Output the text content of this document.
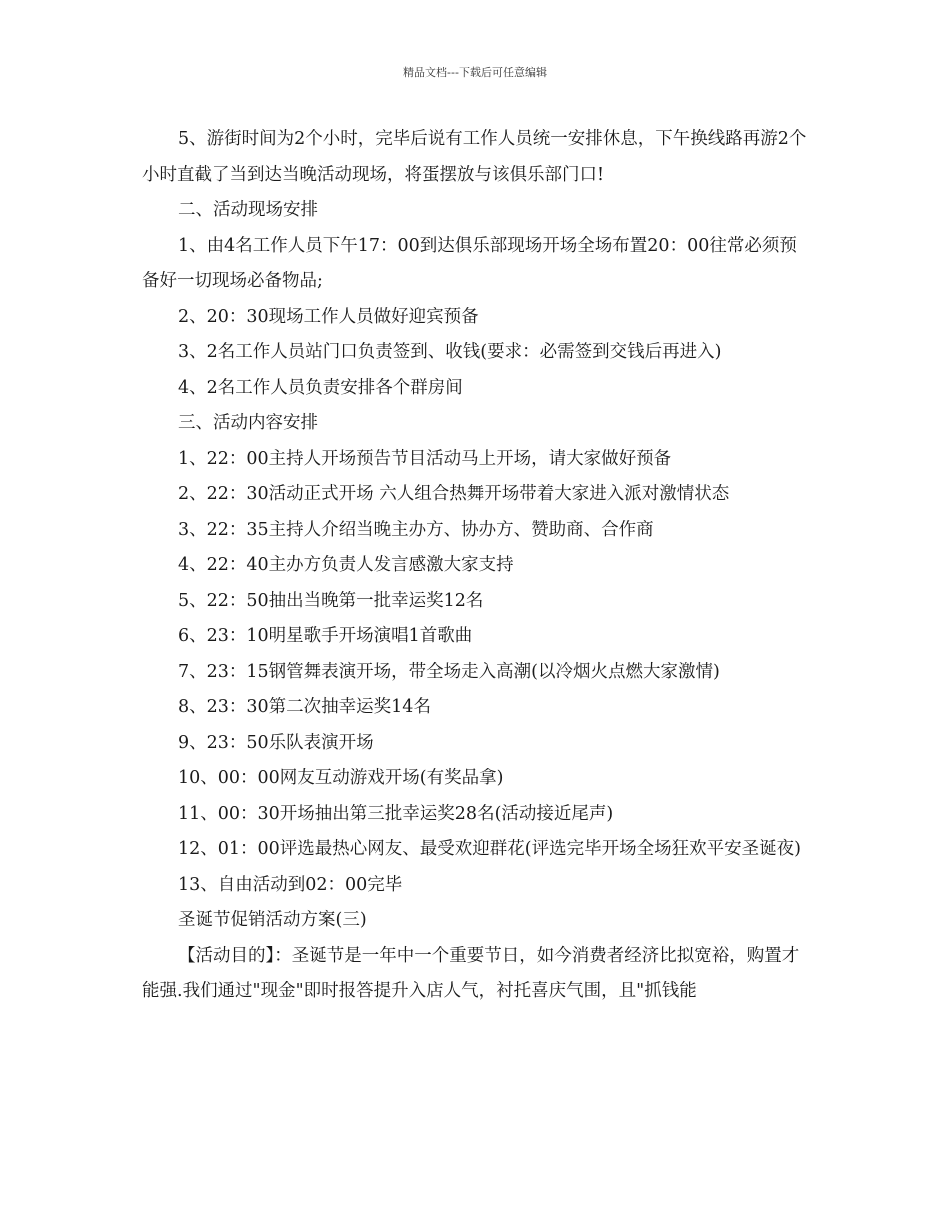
精品文档---下载后可任意编辑

5、游街时间为2个小时，完毕后说有工作人员统一安排休息，下午换线路再游2个小时直截了当到达当晚活动现场，将蛋摆放与该俱乐部门口!

二、活动现场安排

1、由4名工作人员下午17：00到达俱乐部现场开场全场布置20：00往常必须预备好一切现场必备物品;

2、20：30现场工作人员做好迎宾预备

3、2名工作人员站门口负责签到、收钱(要求：必需签到交钱后再进入)

4、2名工作人员负责安排各个群房间

三、活动内容安排

1、22：00主持人开场预告节目活动马上开场，请大家做好预备

2、22：30活动正式开场 六人组合热舞开场带着大家进入派对激情状态

3、22：35主持人介绍当晚主办方、协办方、赞助商、合作商

4、22：40主办方负责人发言感激大家支持

5、22：50抽出当晚第一批幸运奖12名

6、23：10明星歌手开场演唱1首歌曲

7、23：15钢管舞表演开场，带全场走入高潮(以冷烟火点燃大家激情)

8、23：30第二次抽幸运奖14名

9、23：50乐队表演开场

10、00：00网友互动游戏开场(有奖品拿)

11、00：30开场抽出第三批幸运奖28名(活动接近尾声)

12、01：00评选最热心网友、最受欢迎群花(评选完毕开场全场狂欢平安圣诞夜)

13、自由活动到02：00完毕

圣诞节促销活动方案(三)

【活动目的】：圣诞节是一年中一个重要节日，如今消费者经济比拟宽裕，购置才能强.我们通过"现金"即时报答提升入店人气，衬托喜庆气围，且"抓钱能
